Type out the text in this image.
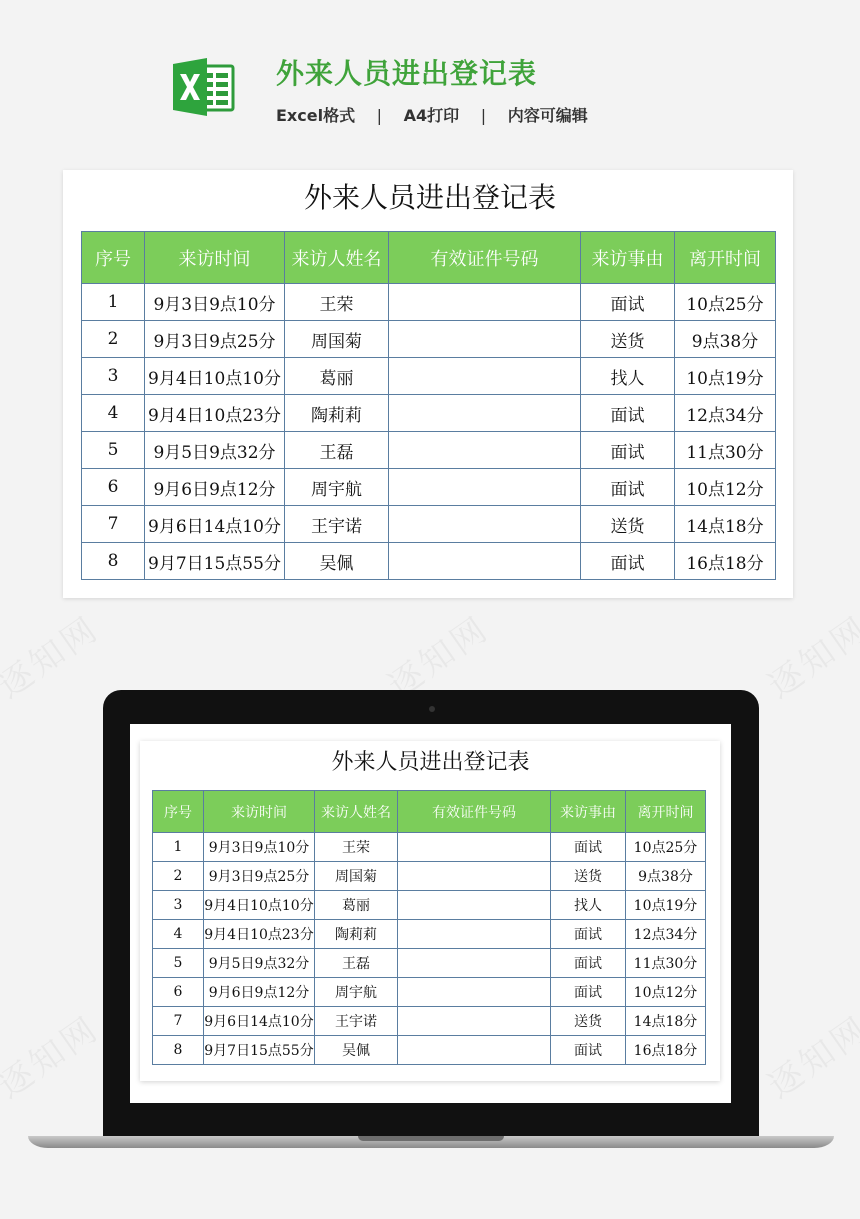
外来人员进出登记表
Excel格式 | A4打印 | 内容可编辑
外来人员进出登记表
序号	来访时间	来访人姓名	有效证件号码	来访事由	离开时间
1	9月3日9点10分	王荣		面试	10点25分
2	9月3日9点25分	周国菊		送货	9点38分
3	9月4日10点10分	葛丽		找人	10点19分
4	9月4日10点23分	陶莉莉		面试	12点34分
5	9月5日9点32分	王磊		面试	11点30分
6	9月6日9点12分	周宇航		面试	10点12分
7	9月6日14点10分	王宇诺		送货	14点18分
8	9月7日15点55分	吴佩		面试	16点18分
外来人员进出登记表
序号	来访时间	来访人姓名	有效证件号码	来访事由	离开时间
1	9月3日9点10分	王荣		面试	10点25分
2	9月3日9点25分	周国菊		送货	9点38分
3	9月4日10点10分	葛丽		找人	10点19分
4	9月4日10点23分	陶莉莉		面试	12点34分
5	9月5日9点32分	王磊		面试	11点30分
6	9月6日9点12分	周宇航		面试	10点12分
7	9月6日14点10分	王宇诺		送货	14点18分
8	9月7日15点55分	吴佩		面试	16点18分
